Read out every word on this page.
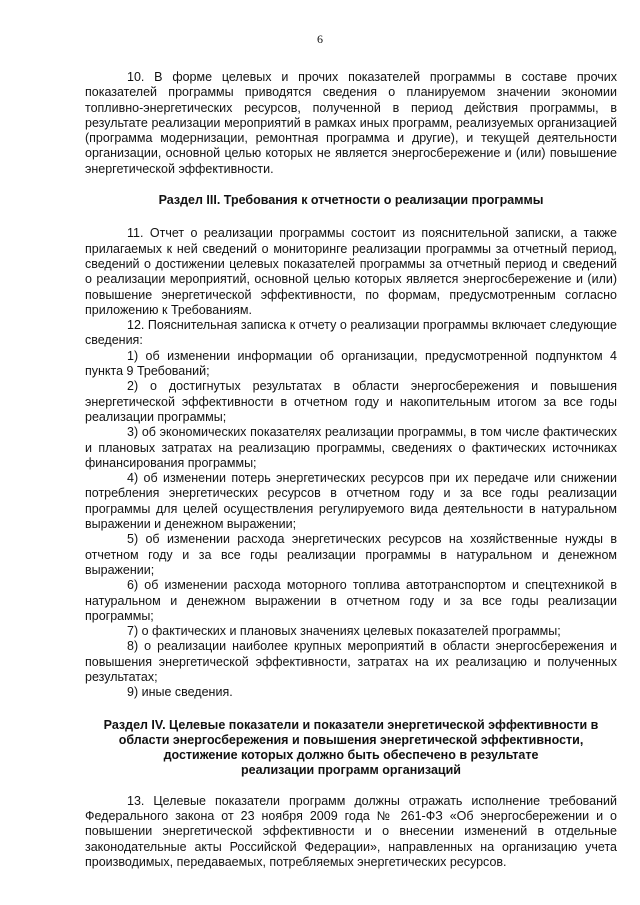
6

10. В форме целевых и прочих показателей программы в составе прочих показателей программы приводятся сведения о планируемом значении экономии топливно-энергетических ресурсов, полученной в период действия программы, в результате реализации мероприятий в рамках иных программ, реализуемых организацией (программа модернизации, ремонтная программа и другие), и текущей деятельности организации, основной целью которых не является энергосбережение и (или) повышение энергетической эффективности.

Раздел III. Требования к отчетности о реализации программы

11. Отчет о реализации программы состоит из пояснительной записки, а также прилагаемых к ней сведений о мониторинге реализации программы за отчетный период, сведений о достижении целевых показателей программы за отчетный период и сведений о реализации мероприятий, основной целью которых является энергосбережение и (или) повышение энергетической эффективности, по формам, предусмотренным согласно приложению к Требованиям.

12. Пояснительная записка к отчету о реализации программы включает следующие сведения:

1) об изменении информации об организации, предусмотренной подпунктом 4 пункта 9 Требований;

2) о достигнутых результатах в области энергосбережения и повышения энергетической эффективности в отчетном году и накопительным итогом за все годы реализации программы;

3) об экономических показателях реализации программы, в том числе фактических и плановых затратах на реализацию программы, сведениях о фактических источниках финансирования программы;

4) об изменении потерь энергетических ресурсов при их передаче или снижении потребления энергетических ресурсов в отчетном году и за все годы реализации программы для целей осуществления регулируемого вида деятельности в натуральном выражении и денежном выражении;

5) об изменении расхода энергетических ресурсов на хозяйственные нужды в отчетном году и за все годы реализации программы в натуральном и денежном выражении;

6) об изменении расхода моторного топлива автотранспортом и спецтехникой в натуральном и денежном выражении в отчетном году и за все годы реализации программы;

7) о фактических и плановых значениях целевых показателей программы;

8) о реализации наиболее крупных мероприятий в области энергосбережения и повышения энергетической эффективности, затратах на их реализацию и полученных результатах;

9) иные сведения.

Раздел IV. Целевые показатели и показатели энергетической эффективности в
области энергосбережения и повышения энергетической эффективности,
достижение которых должно быть обеспечено в результате
реализации программ организаций

13. Целевые показатели программ должны отражать исполнение требований Федерального закона от 23 ноября 2009 года № 261-ФЗ «Об энергосбережении и о повышении энергетической эффективности и о внесении изменений в отдельные законодательные акты Российской Федерации», направленных на организацию учета производимых, передаваемых, потребляемых энергетических ресурсов.
